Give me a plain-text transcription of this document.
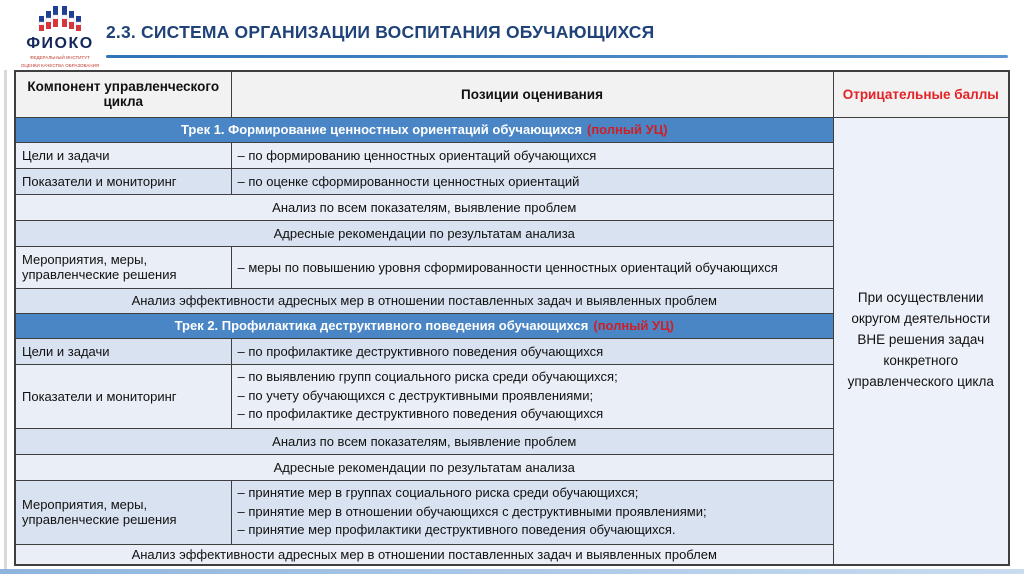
ФИОКО
ФЕДЕРАЛЬНЫЙ ИНСТИТУТ
ОЦЕНКИ КАЧЕСТВА ОБРАЗОВАНИЯ
2.3. СИСТЕМА ОРГАНИЗАЦИИ ВОСПИТАНИЯ ОБУЧАЮЩИХСЯ
Компонент управленческого цикла	Позиции оценивания	Отрицательные баллы
Трек 1. Формирование ценностных ориентаций обучающихся (полный УЦ)		При осуществлении округом деятельности ВНЕ решения задач конкретного управленческого цикла

Цели и задачи	– по формированию ценностных ориентаций обучающихся	
Показатели и мониторинг	– по оценке сформированности ценностных ориентаций	
Анализ по всем показателям, выявление проблем		
Адресные рекомендации по результатам анализа		
Мероприятия, меры, управленческие решения	– меры по повышению уровня сформированности ценностных ориентаций обучающихся	
Анализ эффективности адресных мер в отношении поставленных задач и выявленных проблем		
Трек 2. Профилактика деструктивного поведения обучающихся (полный УЦ)		
Цели и задачи	– по профилактике деструктивного поведения обучающихся	
Показатели и мониторинг	– по выявлению групп социального риска среди обучающихся;
– по учету обучающихся с деструктивными проявлениями;
– по профилактике деструктивного поведения обучающихся	

Анализ по всем показателям, выявление проблем		
Адресные рекомендации по результатам анализа		
Мероприятия, меры, управленческие решения	– принятие мер в группах социального риска среди обучающихся;
– принятие мер в отношении обучающихся с деструктивными проявлениями;
– принятие мер профилактики деструктивного поведения обучающихся.	

Анализ эффективности адресных мер в отношении поставленных задач и выявленных проблем		
